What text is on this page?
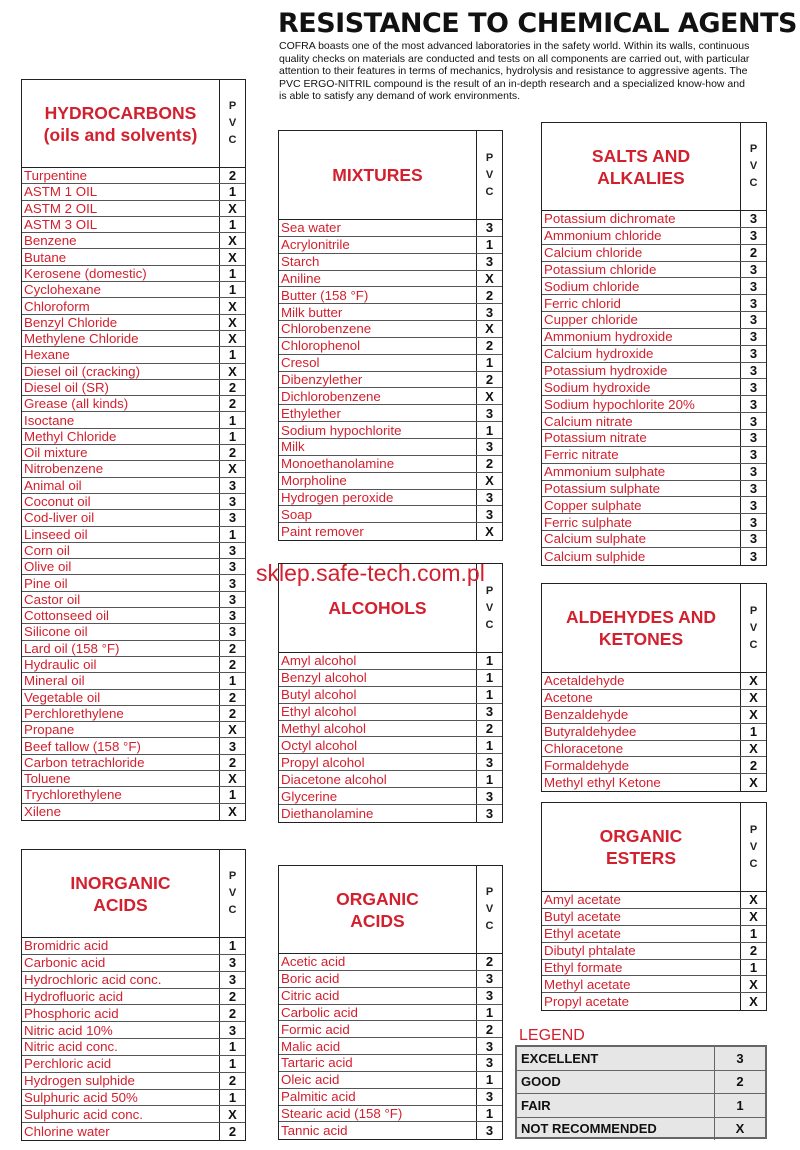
RESISTANCE TO CHEMICAL AGENTS
COFRA boasts one of the most advanced laboratories in the safety world. Within its walls, continuous quality checks on materials are conducted and tests on all components are carried out, with particular attention to their features in terms of mechanics, hydrolysis and resistance to aggressive agents. The PVC ERGO-NITRIL compound is the result of an in-depth research and a specialized know-how and is able to satisfy any demand of work environments.
HYDROCARBONS
(oils and solvents)
P
V
C
Turpentine	2
ASTM 1 OIL	1
ASTM 2 OIL	X
ASTM 3 OIL	1
Benzene	X
Butane	X
Kerosene (domestic)	1
Cyclohexane	1
Chloroform	X
Benzyl Chloride	X
Methylene Chloride	X
Hexane	1
Diesel oil (cracking)	X
Diesel oil (SR)	2
Grease (all kinds)	2
Isoctane	1
Methyl Chloride	1
Oil mixture	2
Nitrobenzene	X
Animal oil	3
Coconut oil	3
Cod-liver oil	3
Linseed oil	1
Corn oil	3
Olive oil	3
Pine oil	3
Castor oil	3
Cottonseed oil	3
Silicone oil	3
Lard oil (158 °F)	2
Hydraulic oil	2
Mineral oil	1
Vegetable oil	2
Perchlorethylene	2
Propane	X
Beef tallow (158 °F)	3
Carbon tetrachloride	2
Toluene	X
Trychlorethylene	1
Xilene	X
MIXTURES
P
V
C
Sea water	3
Acrylonitrile	1
Starch	3
Aniline	X
Butter (158 °F)	2
Milk butter	3
Chlorobenzene	X
Chlorophenol	2
Cresol	1
Dibenzylether	2
Dichlorobenzene	X
Ethylether	3
Sodium hypochlorite	1
Milk	3
Monoethanolamine	2
Morpholine	X
Hydrogen peroxide	3
Soap	3
Paint remover	X
SALTS AND
ALKALIES
P
V
C
Potassium dichromate	3
Ammonium chloride	3
Calcium chloride	2
Potassium chloride	3
Sodium chloride	3
Ferric chlorid	3
Cupper chloride	3
Ammonium hydroxide	3
Calcium hydroxide	3
Potassium hydroxide	3
Sodium hydroxide	3
Sodium hypochlorite 20%	3
Calcium nitrate	3
Potassium nitrate	3
Ferric nitrate	3
Ammonium sulphate	3
Potassium sulphate	3
Copper sulphate	3
Ferric sulphate	3
Calcium sulphate	3
Calcium sulphide	3
ALCOHOLS
P
V
C
Amyl alcohol	1
Benzyl alcohol	1
Butyl alcohol	1
Ethyl alcohol	3
Methyl alcohol	2
Octyl alcohol	1
Propyl alcohol	3
Diacetone alcohol	1
Glycerine	3
Diethanolamine	3
ALDEHYDES AND
KETONES
P
V
C
Acetaldehyde	X
Acetone	X
Benzaldehyde	X
Butyraldehydee	1
Chloracetone	X
Formaldehyde	2
Methyl ethyl Ketone	X
ORGANIC
ESTERS
P
V
C
Amyl acetate	X
Butyl acetate	X
Ethyl acetate	1
Dibutyl phtalate	2
Ethyl formate	1
Methyl acetate	X
Propyl acetate	X
INORGANIC
ACIDS
P
V
C
Bromidric acid	1
Carbonic acid	3
Hydrochloric acid conc.	3
Hydrofluoric acid	2
Phosphoric acid	2
Nitric acid 10%	3
Nitric acid conc.	1
Perchloric acid	1
Hydrogen sulphide	2
Sulphuric acid 50%	1
Sulphuric acid conc.	X
Chlorine water	2
ORGANIC
ACIDS
P
V
C
Acetic acid	2
Boric acid	3
Citric acid	3
Carbolic acid	1
Formic acid	2
Malic acid	3
Tartaric acid	3
Oleic acid	1
Palmitic acid	3
Stearic acid (158 °F)	1
Tannic acid	3
sklep.safe-tech.com.pl
LEGEND
EXCELLENT	3
GOOD	2
FAIR	1
NOT RECOMMENDED	X
